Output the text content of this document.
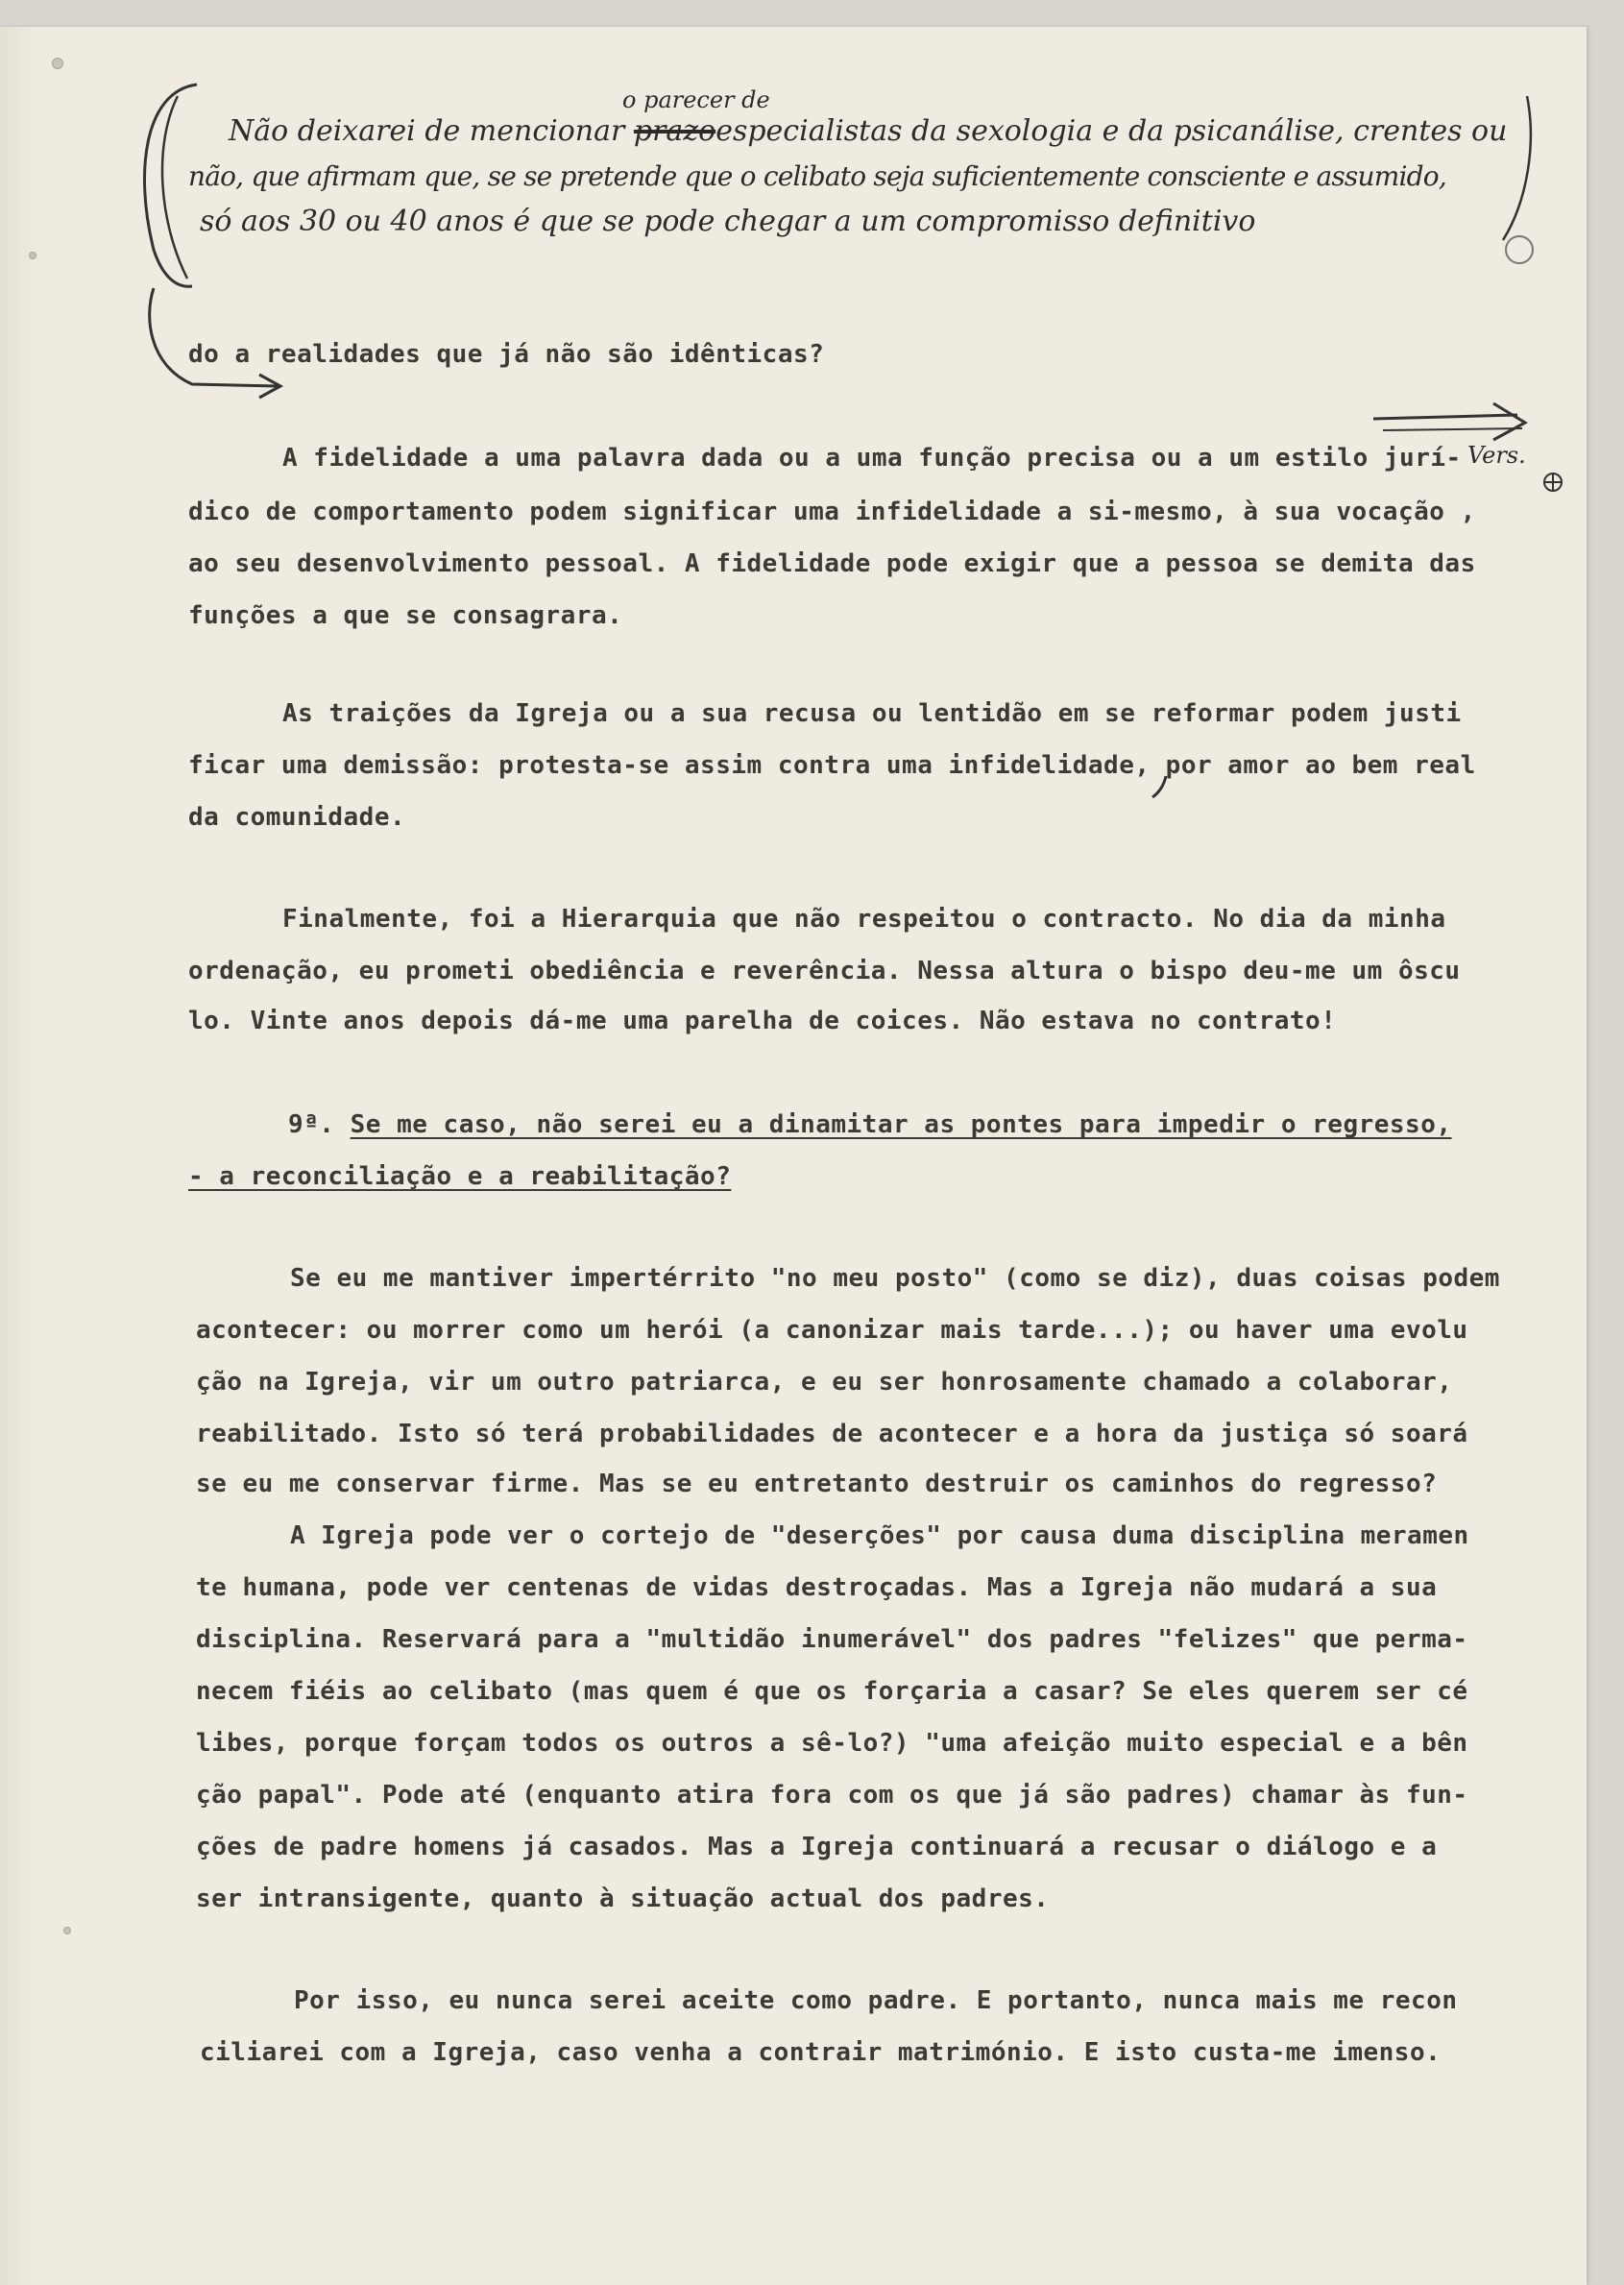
o parecer de
Não deixarei de mencionar prazoespecialistas da sexologia e da psicanálise, crentes ou
não, que afirmam que, se se pretende que o celibato seja suficientemente consciente e assumido,
só aos 30 ou 40 anos é que se pode chegar a um compromisso definitivo
Vers.
do a realidades que já não são idênticas?
A fidelidade a uma palavra dada ou a uma função precisa ou a um estilo jurí-
dico de comportamento podem significar uma infidelidade a si-mesmo, à sua vocação ,
ao seu desenvolvimento pessoal. A fidelidade pode exigir que a pessoa se demita das
funções a que se consagrara.
As traições da Igreja ou a sua recusa ou lentidão em se reformar podem justi
ficar uma demissão: protesta-se assim contra uma infidelidade, por amor ao bem real
da comunidade.
Finalmente, foi a Hierarquia que não respeitou o contracto. No dia da minha
ordenação, eu prometi obediência e reverência. Nessa altura o bispo deu-me um ôscu
lo. Vinte anos depois dá-me uma parelha de coices. Não estava no contrato!
9ª. Se me caso, não serei eu a dinamitar as pontes para impedir o regresso,
- a reconciliação e a reabilitação?
Se eu me mantiver impertérrito "no meu posto" (como se diz), duas coisas podem
acontecer: ou morrer como um herói (a canonizar mais tarde...); ou haver uma evolu
ção na Igreja, vir um outro patriarca, e eu ser honrosamente chamado a colaborar,
reabilitado. Isto só terá probabilidades de acontecer e a hora da justiça só soará
se eu me conservar firme. Mas se eu entretanto destruir os caminhos do regresso?
A Igreja pode ver o cortejo de "deserções" por causa duma disciplina meramen
te humana, pode ver centenas de vidas destroçadas. Mas a Igreja não mudará a sua
disciplina. Reservará para a "multidão inumerável" dos padres "felizes" que perma-
necem fiéis ao celibato (mas quem é que os forçaria a casar? Se eles querem ser cé
libes, porque forçam todos os outros a sê-lo?) "uma afeição muito especial e a bên
ção papal". Pode até (enquanto atira fora com os que já são padres) chamar às fun-
ções de padre homens já casados. Mas a Igreja continuará a recusar o diálogo e a
ser intransigente, quanto à situação actual dos padres.
Por isso, eu nunca serei aceite como padre. E portanto, nunca mais me recon
ciliarei com a Igreja, caso venha a contrair matrimónio. E isto custa-me imenso.
